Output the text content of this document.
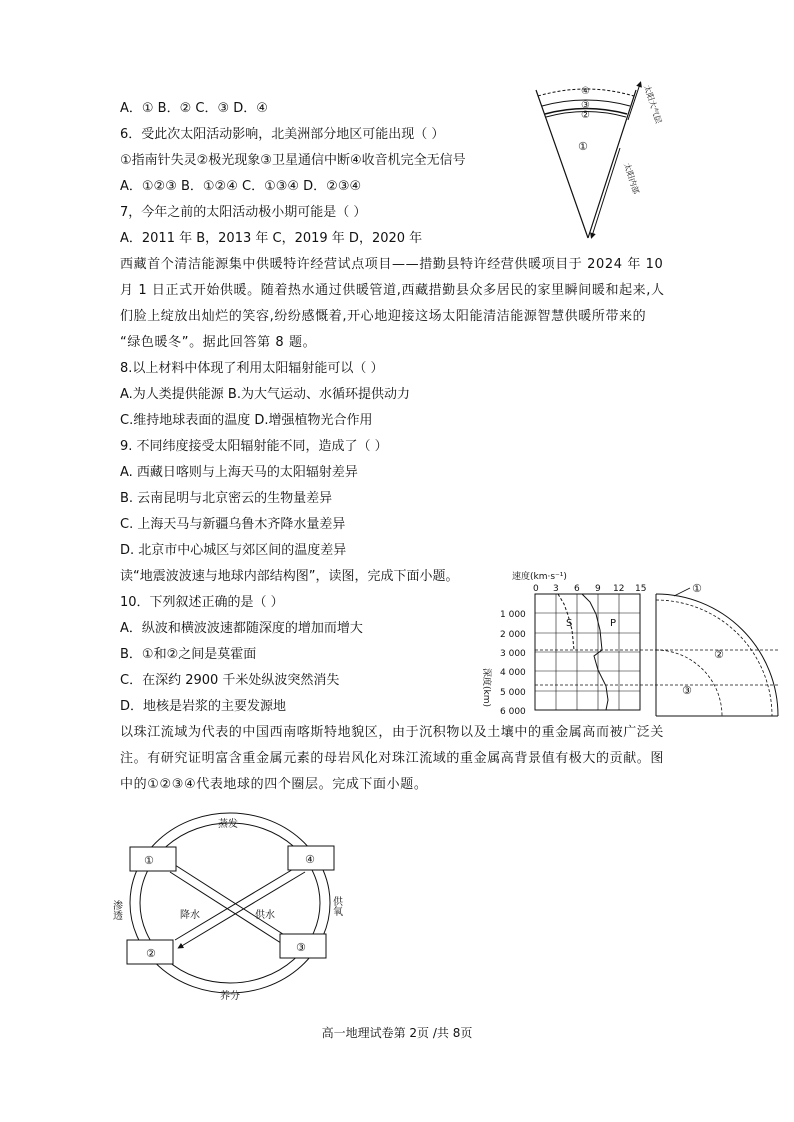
A．① B．② C．③ D．④
6．受此次太阳活动影响，北美洲部分地区可能出现（ ）
①指南针失灵②极光现象③卫星通信中断④收音机完全无信号
A．①②③ B．①②④ C．①③④ D．②③④
7，今年之前的太阳活动极小期可能是（ ）
A．2011 年 B，2013 年 C，2019 年 D，2020 年
西藏首个清洁能源集中供暖特许经营试点项目——措勤县特许经营供暖项目于 2024 年 10
月 1 日正式开始供暖。随着热水通过供暖管道,西藏措勤县众多居民的家里瞬间暖和起来,人
们脸上绽放出灿烂的笑容,纷纷感慨着,开心地迎接这场太阳能清洁能源智慧供暖所带来的
“绿色暖冬”。据此回答第 8 题。
8.以上材料中体现了利用太阳辐射能可以（ ）
A.为人类提供能源 B.为大气运动、水循环提供动力
C.维持地球表面的温度 D.增强植物光合作用
9. 不同纬度接受太阳辐射能不同，造成了（ ）
A. 西藏日喀则与上海天马的太阳辐射差异
B. 云南昆明与北京密云的生物量差异
C. 上海天马与新疆乌鲁木齐降水量差异
D. 北京市中心城区与郊区间的温度差异
读“地震波波速与地球内部结构图”，读图，完成下面小题。
10．下列叙述正确的是（ ）
A．纵波和横波波速都随深度的增加而增大
B．①和②之间是莫霍面
C．在深约 2900 千米处纵波突然消失
D．地核是岩浆的主要发源地
以珠江流域为代表的中国西南喀斯特地貌区，由于沉积物以及土壤中的重金属高而被广泛关
注。有研究证明富含重金属元素的母岩风化对珠江流域的重金属高背景值有极大的贡献。图
中的①②③④代表地球的四个圈层。完成下面小题。
④
③
②
①
太阳大气层
太阳内部
速度(km·s⁻¹)
0 3 6 9 12 15
1 000
2 000
3 000
4 000
5 000
6 000
深度(km)
S	P
①
②
③
①	④
②	③
蒸发
养分
渗透	供氧
降水	供水
高一地理试卷第 2页 /共 8页
